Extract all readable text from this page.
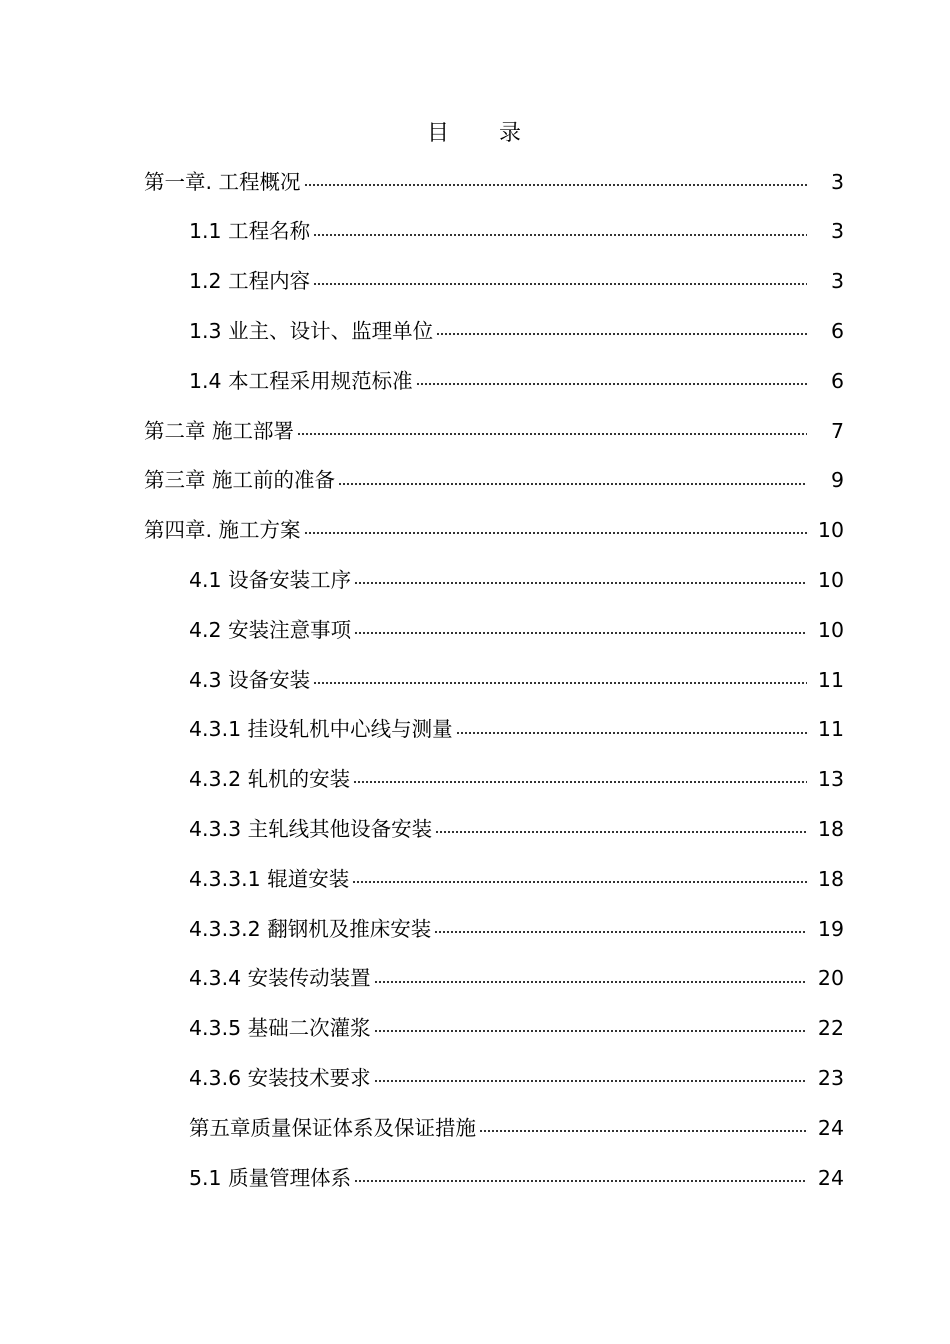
目 录
第一章. 工程概况	3
1.1 工程名称	3
1.2 工程内容	3
1.3 业主、设计、监理单位	6
1.4 本工程采用规范标准	6
第二章 施工部署	7
第三章 施工前的准备	9
第四章. 施工方案	10
4.1 设备安装工序	10
4.2 安装注意事项	10
4.3 设备安装	11
4.3.1 挂设轧机中心线与测量	11
4.3.2 轧机的安装	13
4.3.3 主轧线其他设备安装	18
4.3.3.1 辊道安装	18
4.3.3.2 翻钢机及推床安装	19
4.3.4 安装传动装置	20
4.3.5 基础二次灌浆	22
4.3.6 安装技术要求	23
第五章质量保证体系及保证措施	24
5.1 质量管理体系	24
